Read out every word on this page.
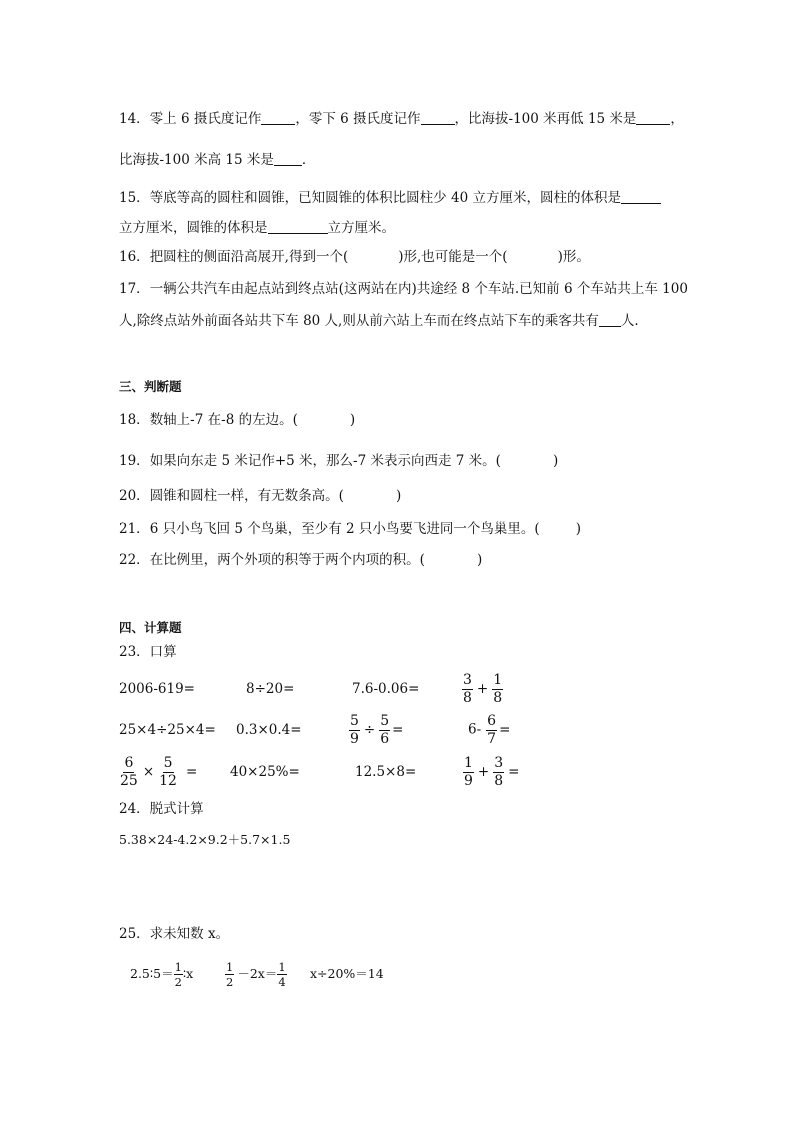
14．零上 6 摄氏度记作	，零下 6 摄氏度记作	，比海拔-100 米再低 15 米是	，
比海拔-100 米高 15 米是 ．
15．等底等高的圆柱和圆锥，已知圆锥的体积比圆柱少 40 立方厘米，圆柱的体积是
立方厘米，圆锥的体积是	立方厘米。
16．把圆柱的侧面沿高展开,得到一个(	)形,也可能是一个(	)形。
17．一辆公共汽车由起点站到终点站(这两站在内)共途经 8 个车站.已知前 6 个车站共上车 100
人,除终点站外前面各站共下车 80 人,则从前六站上车而在终点站下车的乘客共有 人.
三、判断题
18．数轴上-7 在-8 的左边。(	)
19．如果向东走 5 米记作+5 米，那么-7 米表示向西走 7 米。(	)
20．圆锥和圆柱一样，有无数条高。(	)
21．6 只小鸟飞回 5 个鸟巢，至少有 2 只小鸟要飞进同一个鸟巢里。(	)
22．在比例里，两个外项的积等于两个内项的积。(	)
四、计算题
23．口算
2006-619=	8÷20=	7.6-0.06=	$\frac{3}{8} + \frac{1}{8}$
25×4÷25×4= 0.3×0.4=	$\frac{5}{9} \div \frac{5}{6}$ =	$6- \frac{6}{7}$ =
$\frac{6}{25} \times \frac{5}{12} = 40\times 25\%=$	12.5×8=	$\frac{1}{9} + \frac{3}{8}$ =
24．脱式计算
5.38×24-4.2×9.2＋5.7×1.5
25．求未知数 x。
2.5∶5＝ $\frac{1}{2}$ ∶x	$\frac{1}{2} -2x= \frac{1}{4} x\div 20\%=14$
